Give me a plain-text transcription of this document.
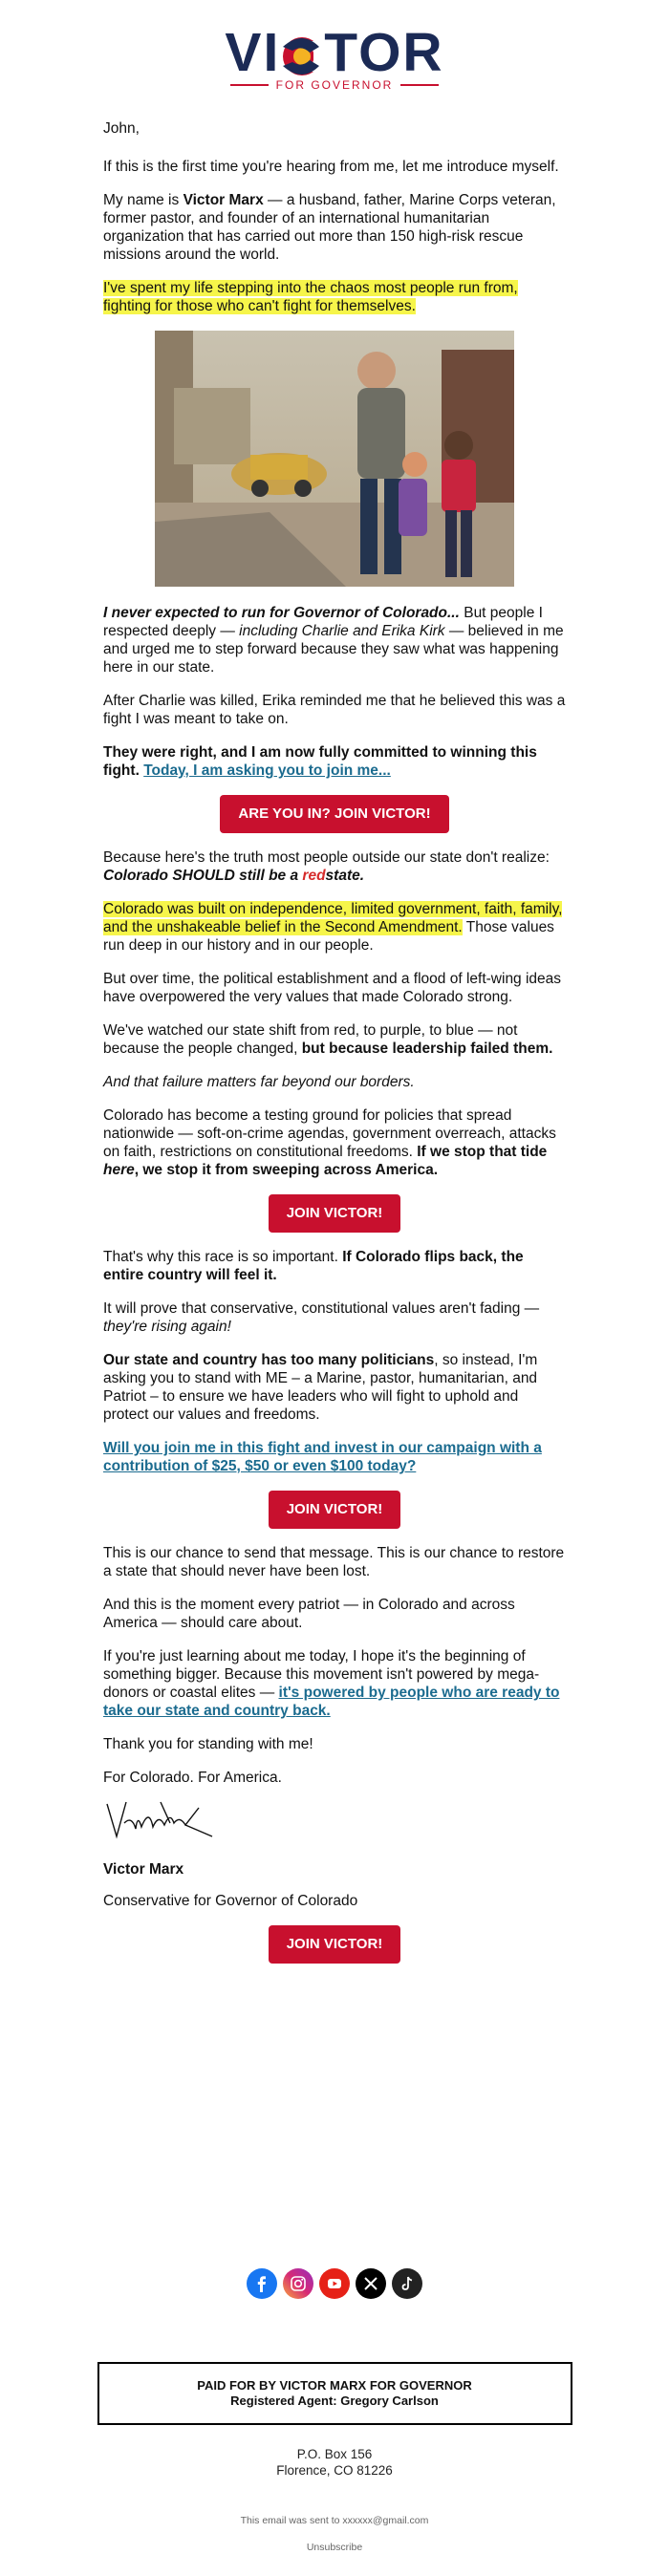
VI TOR
FOR GOVERNOR

John,

If this is the first time you're hearing from me, let me introduce myself.

My name is Victor Marx — a husband, father, Marine Corps veteran, former pastor, and founder of an international humanitarian organization that has carried out more than 150 high-risk rescue missions around the world.

I've spent my life stepping into the chaos most people run from, fighting for those who can't fight for themselves.

I never expected to run for Governor of Colorado... But people I respected deeply — including Charlie and Erika Kirk — believed in me and urged me to step forward because they saw what was happening here in our state.

After Charlie was killed, Erika reminded me that he believed this was a fight I was meant to take on.

They were right, and I am now fully committed to winning this fight. Today, I am asking you to join me...

ARE YOU IN? JOIN VICTOR!

Because here's the truth most people outside our state don't realize: Colorado SHOULD still be a redstate.

Colorado was built on independence, limited government, faith, family, and the unshakeable belief in the Second Amendment. Those values run deep in our history and in our people.

But over time, the political establishment and a flood of left-wing ideas have overpowered the very values that made Colorado strong.

We've watched our state shift from red, to purple, to blue — not because the people changed, but because leadership failed them.

And that failure matters far beyond our borders.

Colorado has become a testing ground for policies that spread nationwide — soft-on-crime agendas, government overreach, attacks on faith, restrictions on constitutional freedoms. If we stop that tide here, we stop it from sweeping across America.

JOIN VICTOR!

That's why this race is so important. If Colorado flips back, the entire country will feel it.

It will prove that conservative, constitutional values aren't fading — they're rising again!

Our state and country has too many politicians, so instead, I'm asking you to stand with ME – a Marine, pastor, humanitarian, and Patriot – to ensure we have leaders who will fight to uphold and protect our values and freedoms.

Will you join me in this fight and invest in our campaign with a contribution of $25, $50 or even $100 today?

JOIN VICTOR!

This is our chance to send that message. This is our chance to restore a state that should never have been lost.

And this is the moment every patriot — in Colorado and across America — should care about.

If you're just learning about me today, I hope it's the beginning of something bigger. Because this movement isn't powered by mega-donors or coastal elites — it's powered by people who are ready to take our state and country back.

Thank you for standing with me!

For Colorado. For America.

Victor Marx

Conservative for Governor of Colorado

JOIN VICTOR!
PAID FOR BY VICTOR MARX FOR GOVERNOR
Registered Agent: Gregory Carlson
P.O. Box 156
Florence, CO 81226
This email was sent to xxxxxx@gmail.com
Unsubscribe
